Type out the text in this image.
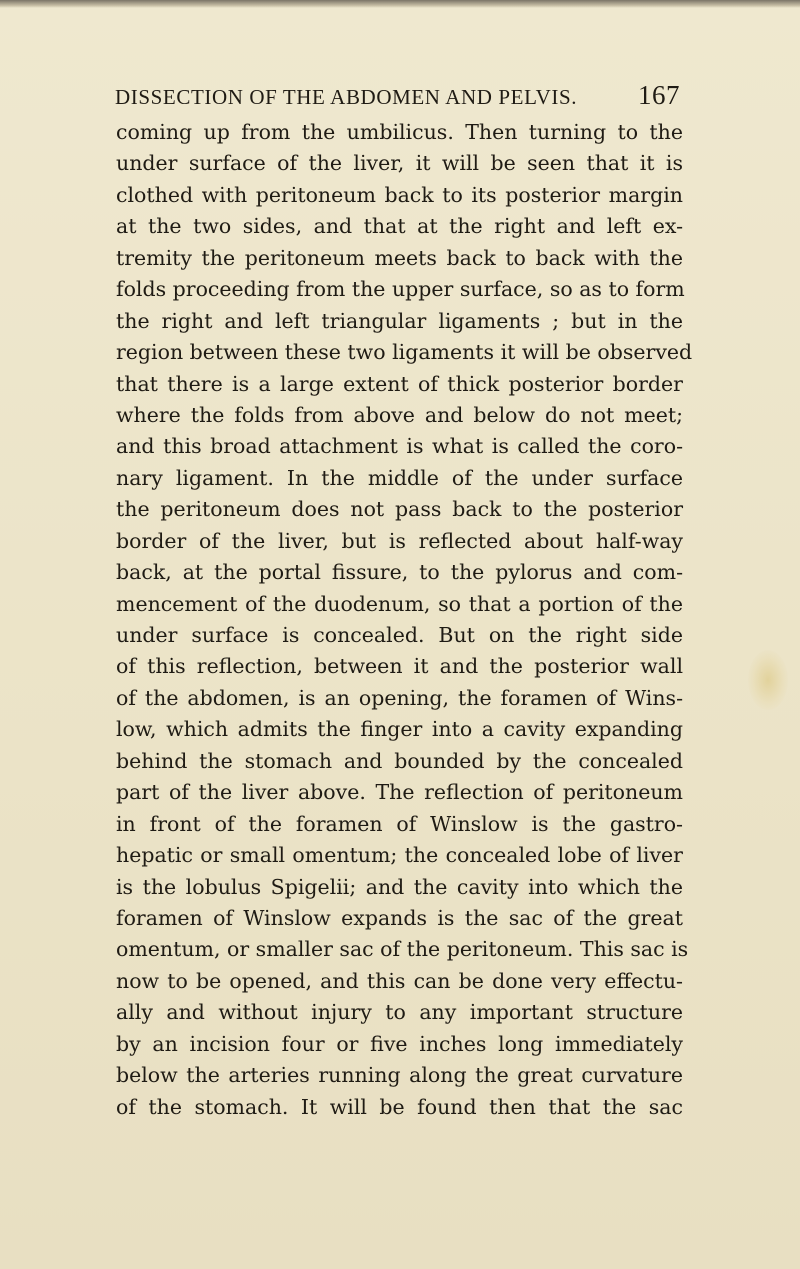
DISSECTION OF THE ABDOMEN AND PELVIS. 167
coming up from the umbilicus. Then turning to the
under surface of the liver, it will be seen that it is
clothed with peritoneum back to its posterior margin
at the two sides, and that at the right and left ex-
tremity the peritoneum meets back to back with the
folds proceeding from the upper surface, so as to form
the right and left triangular ligaments ; but in the
region between these two ligaments it will be observed
that there is a large extent of thick posterior border
where the folds from above and below do not meet;
and this broad attachment is what is called the coro-
nary ligament. In the middle of the under surface
the peritoneum does not pass back to the posterior
border of the liver, but is reflected about half-way
back, at the portal fissure, to the pylorus and com-
mencement of the duodenum, so that a portion of the
under surface is concealed. But on the right side
of this reflection, between it and the posterior wall
of the abdomen, is an opening, the foramen of Wins-
low, which admits the finger into a cavity expanding
behind the stomach and bounded by the concealed
part of the liver above. The reflection of peritoneum
in front of the foramen of Winslow is the gastro-
hepatic or small omentum; the concealed lobe of liver
is the lobulus Spigelii; and the cavity into which the
foramen of Winslow expands is the sac of the great
omentum, or smaller sac of the peritoneum. This sac is
now to be opened, and this can be done very effectu-
ally and without injury to any important structure
by an incision four or five inches long immediately
below the arteries running along the great curvature
of the stomach. It will be found then that the sac
